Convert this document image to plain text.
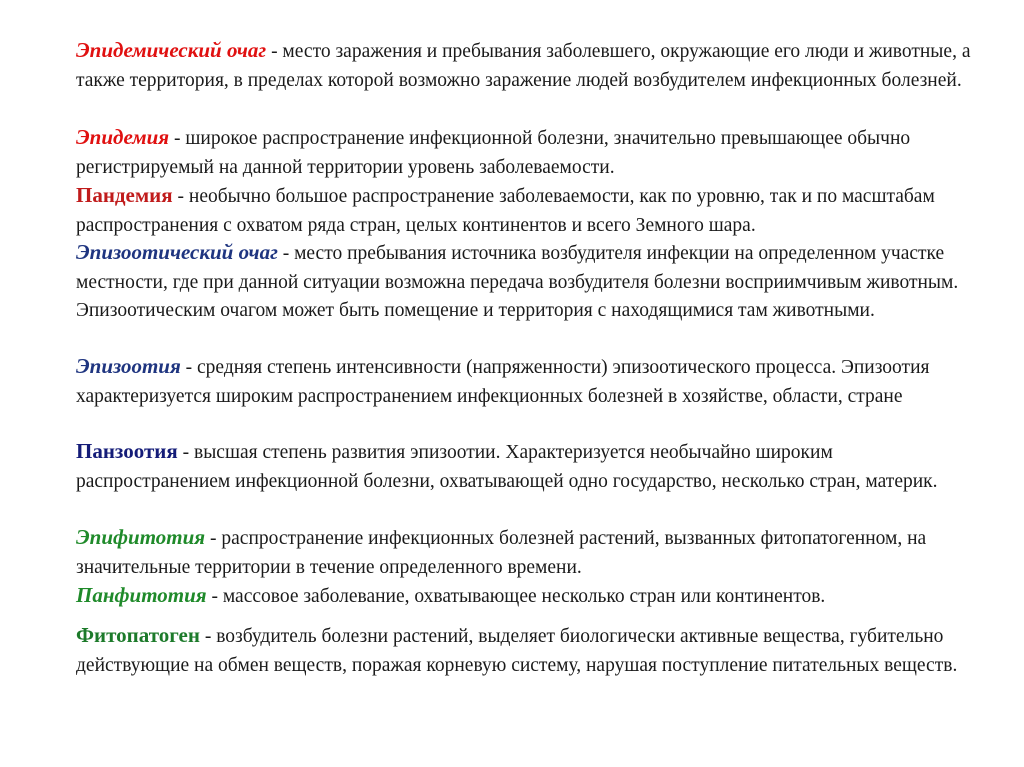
Эпидемический очаг - место заражения и пребывания заболевшего, окружающие его люди и животные, а также территория, в пределах которой возможно заражение людей возбудителем инфекционных болезней.

Эпидемия - широкое распространение инфекционной болезни, значительно превышающее обычно регистрируемый на данной территории уровень заболеваемости.

Пандемия - необычно большое распространение заболеваемости, как по уровню, так и по масштабам распространения с охватом ряда стран, целых континентов и всего Земного шара.

Эпизоотический очаг - место пребывания источника возбудителя инфекции на определенном участке местности, где при данной ситуации возможна передача возбудителя болезни восприимчивым животным. Эпизоотическим очагом может быть помещение и территория с находящимися там животными.

Эпизоотия - средняя степень интенсивности (напряженности) эпизоотического процесса. Эпизоотия характеризуется широким распространением инфекционных болезней в хозяйстве, области, стране

Панзоотия - высшая степень развития эпизоотии. Характеризуется необычайно широким распространением инфекционной болезни, охватывающей одно государство, несколько стран, материк.

Эпифитотия - распространение инфекционных болезней растений, вызванных фитопатогенном, на значительные территории в течение определенного времени.

Панфитотия - массовое заболевание, охватывающее несколько стран или континентов.

Фитопатоген - возбудитель болезни растений, выделяет биологически активные вещества, губительно действующие на обмен веществ, поражая корневую систему, нарушая поступление питательных веществ.
